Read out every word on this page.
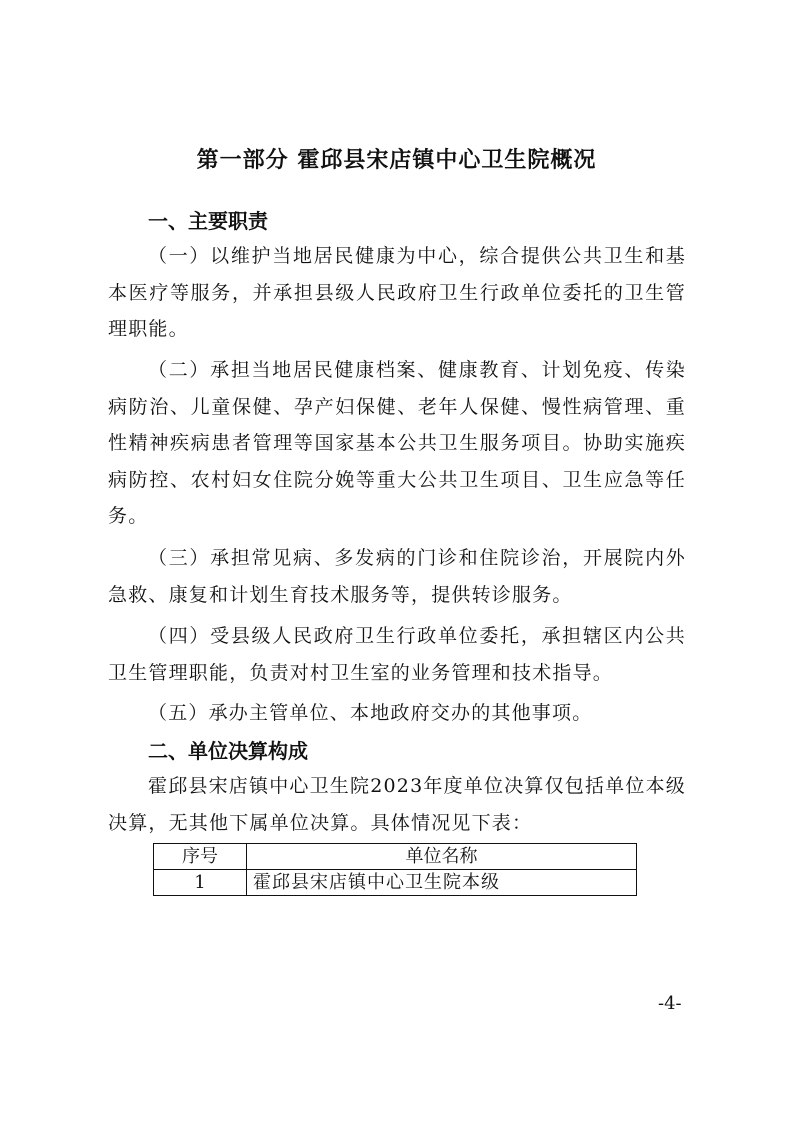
第一部分 霍邱县宋店镇中心卫生院概况
一、主要职责

（一）以维护当地居民健康为中心，综合提供公共卫生和基本医疗等服务，并承担县级人民政府卫生行政单位委托的卫生管理职能。

（二）承担当地居民健康档案、健康教育、计划免疫、传染病防治、儿童保健、孕产妇保健、老年人保健、慢性病管理、重性精神疾病患者管理等国家基本公共卫生服务项目。协助实施疾病防控、农村妇女住院分娩等重大公共卫生项目、卫生应急等任务。

（三）承担常见病、多发病的门诊和住院诊治，开展院内外急救、康复和计划生育技术服务等，提供转诊服务。

（四）受县级人民政府卫生行政单位委托，承担辖区内公共卫生管理职能，负责对村卫生室的业务管理和技术指导。

（五）承办主管单位、本地政府交办的其他事项。

二、单位决算构成

霍邱县宋店镇中心卫生院2023年度单位决算仅包括单位本级决算，无其他下属单位决算。具体情况见下表：

序号	单位名称
1	霍邱县宋店镇中心卫生院本级
-4-
